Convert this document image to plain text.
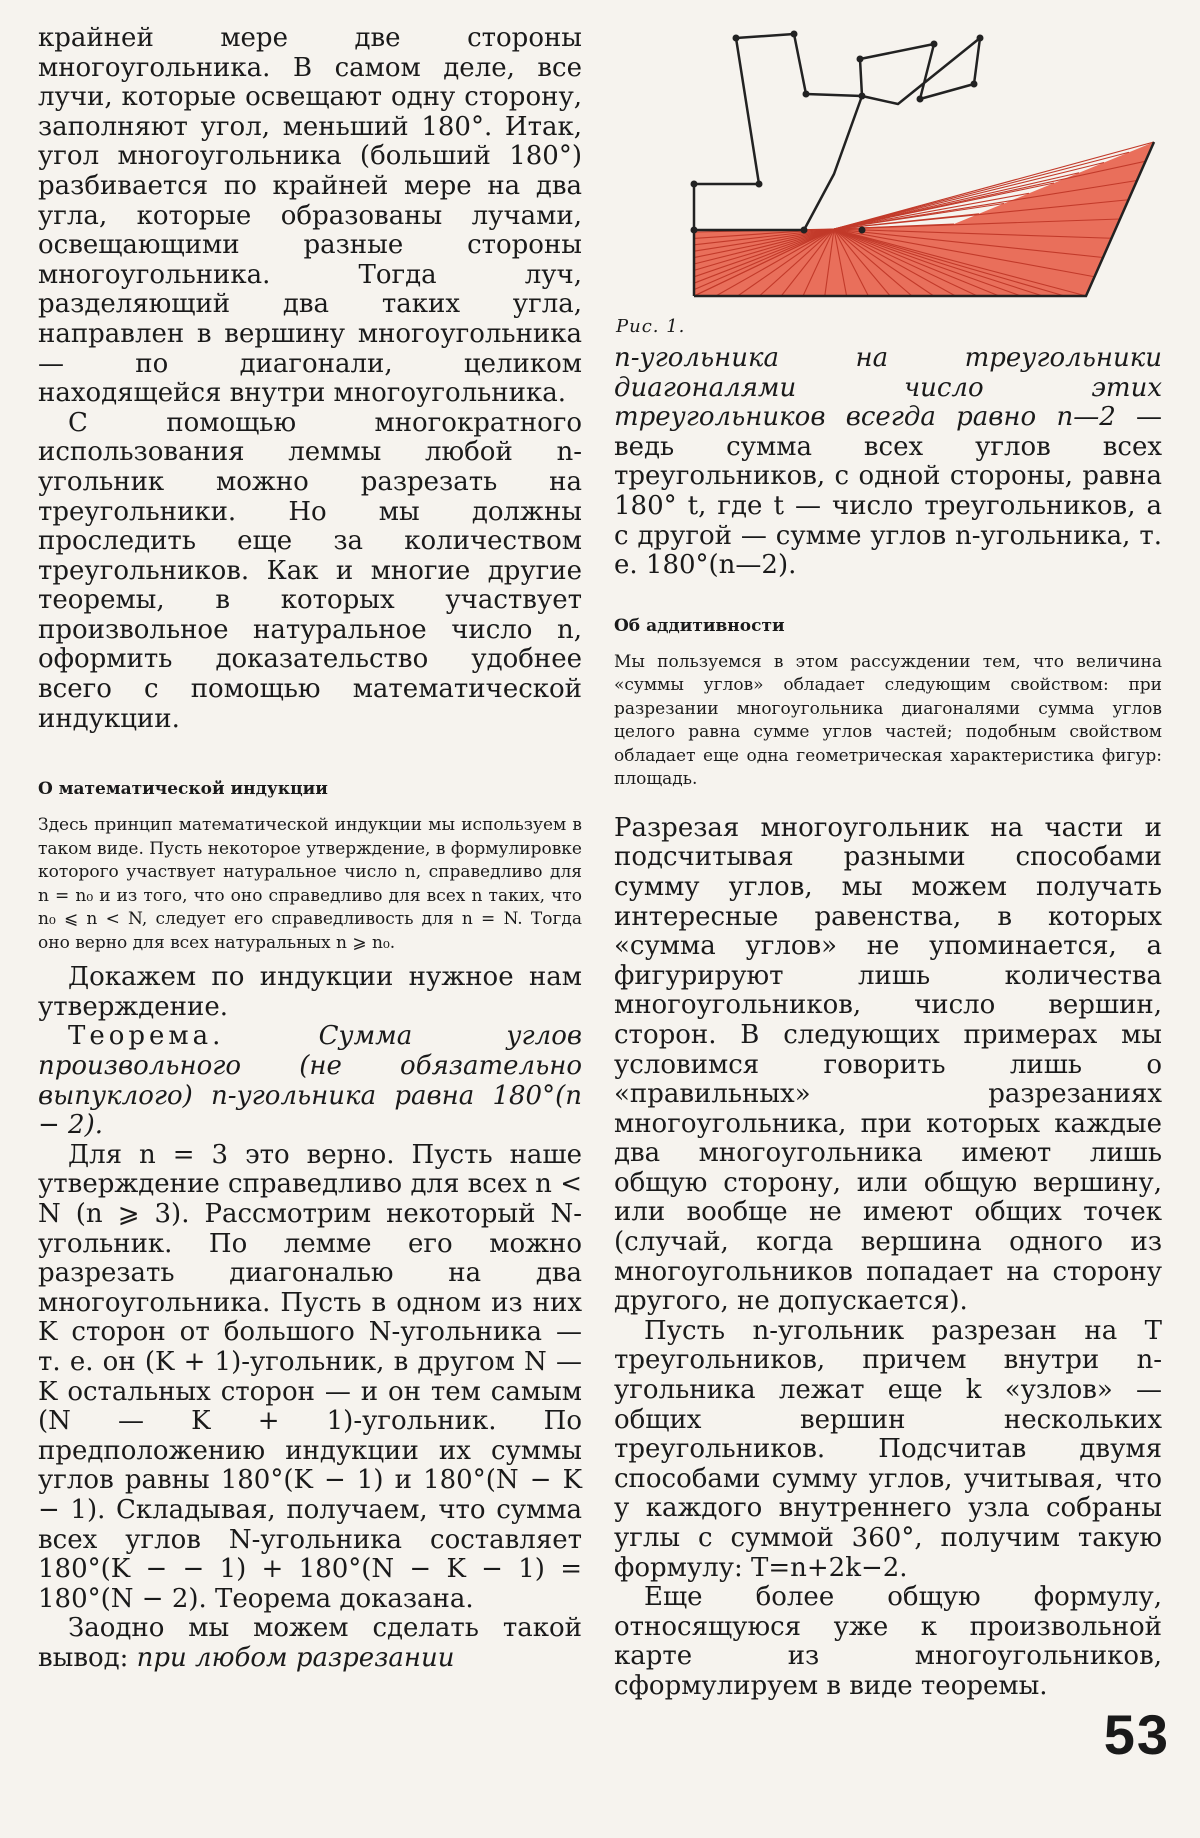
крайней мере две стороны многоугольника. В самом деле, все лучи, которые освещают одну сторону, заполняют угол, меньший 180°. Итак, угол многоугольника (больший 180°) разбивается по крайней мере на два угла, которые образованы лучами, освещающими разные стороны многоугольника. Тогда луч, разделяющий два таких угла, направлен в вершину многоугольника — по диагонали, целиком находящейся внутри многоугольника.

С помощью многократного использования леммы любой n-угольник можно разрезать на треугольники. Но мы должны проследить еще за количеством треугольников. Как и многие другие теоремы, в которых участвует произвольное натуральное число n, оформить доказательство удобнее всего с помощью математической индукции.

О математической индукции

Здесь принцип математической индукции мы используем в таком виде. Пусть некоторое утверждение, в формулировке которого участвует натуральное число n, справедливо для n = n₀ и из того, что оно справедливо для всех n таких, что n₀ ⩽ n < N, следует его справедливость для n = N. Тогда оно верно для всех натуральных n ⩾ n₀.

Докажем по индукции нужное нам утверждение.

Теорема.	Сумма углов произвольного (не обязательно выпуклого) n-угольника равна 180°(n − 2).

Для n = 3 это верно. Пусть наше утверждение справедливо для всех n < N (n ⩾ 3). Рассмотрим некоторый N-угольник. По лемме его можно разрезать диагональю на два многоугольника. Пусть в одном из них K сторон от большого N-угольника — т. е. он (K + 1)-угольник, в другом N — K остальных сторон — и он тем самым (N — K + 1)-угольник. По предположению индукции их суммы углов равны 180°(K − 1) и 180°(N − K − 1). Складывая, получаем, что сумма всех углов N-угольника составляет 180°(K − − 1) + 180°(N − K − 1) = 180°(N − 2). Теорема доказана.

Заодно мы можем сделать такой вывод: при любом разрезании

Рис. 1.

n-угольника на треугольники диагоналями число этих треугольников всегда равно n—2 — ведь сумма всех углов всех треугольников, с одной стороны, равна 180° t, где t — число треугольников, а с другой — сумме углов n-угольника, т. е. 180°(n—2).

Об аддитивности

Мы пользуемся в этом рассуждении тем, что величина «суммы углов» обладает следующим свойством: при разрезании многоугольника диагоналями сумма углов целого равна сумме углов частей; подобным свойством обладает еще одна геометрическая характеристика фигур: площадь.

Разрезая многоугольник на части и подсчитывая разными способами сумму углов, мы можем получать интересные равенства, в которых «сумма углов» не упоминается, а фигурируют лишь количества многоугольников, число вершин, сторон. В следующих примерах мы условимся говорить лишь о «правильных» разрезаниях многоугольника, при которых каждые два многоугольника имеют лишь общую сторону, или общую вершину, или вообще не имеют общих точек (случай, когда вершина одного из многоугольников попадает на сторону другого, не допускается).

Пусть n-угольник разрезан на T треугольников, причем внутри n-угольника лежат еще k «узлов» — общих вершин нескольких треугольников. Подсчитав двумя способами сумму углов, учитывая, что у каждого внутреннего узла собраны углы с суммой 360°, получим такую формулу: T=n+2k−2.

Еще более общую формулу, относящуюся уже к произвольной карте из многоугольников, сформулируем в виде теоремы.

53
